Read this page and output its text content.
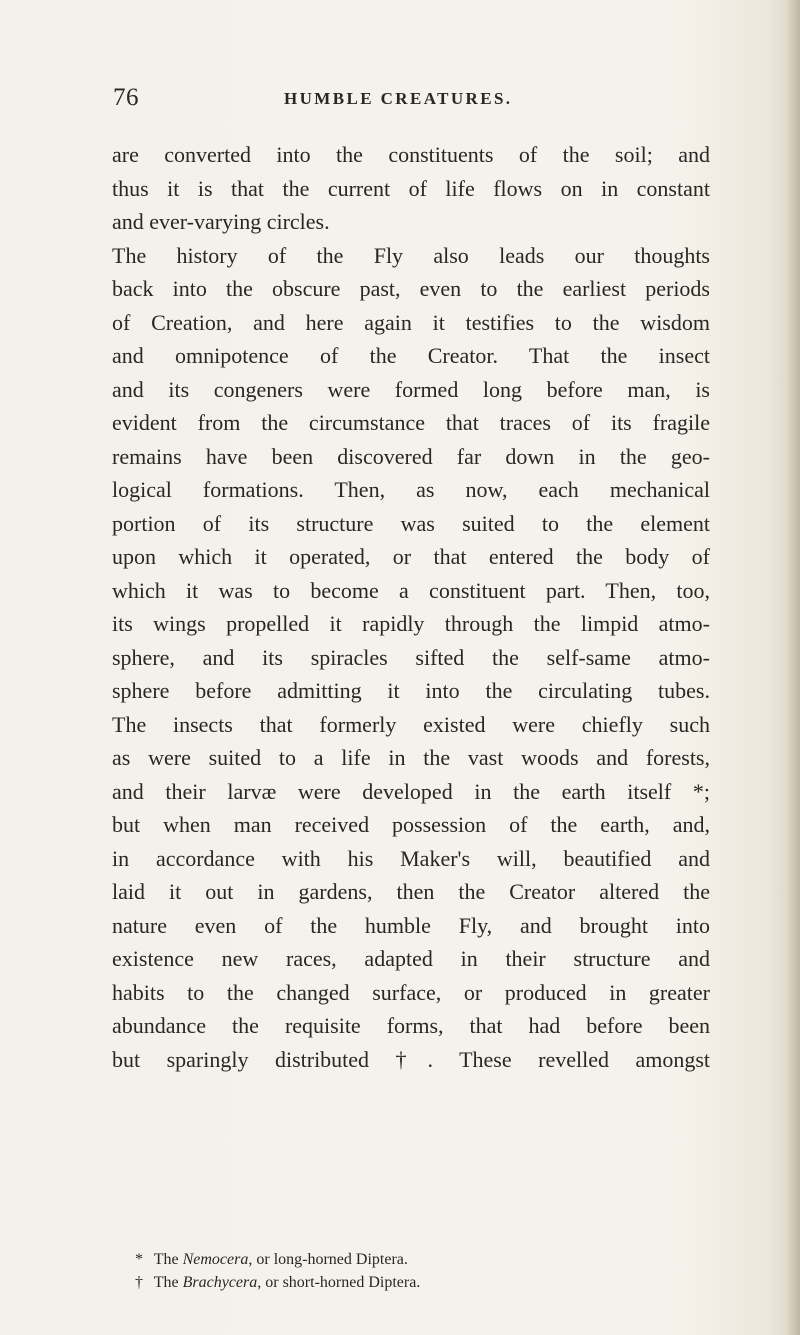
76	HUMBLE CREATURES.
are converted into the constituents of the soil; and
thus it is that the current of life flows on in constant
and ever-varying circles.
The history of the Fly also leads our thoughts
back into the obscure past, even to the earliest periods
of Creation, and here again it testifies to the wisdom
and omnipotence of the Creator. That the insect
and its congeners were formed long before man, is
evident from the circumstance that traces of its fragile
remains have been discovered far down in the geo-
logical formations. Then, as now, each mechanical
portion of its structure was suited to the element
upon which it operated, or that entered the body of
which it was to become a constituent part. Then, too,
its wings propelled it rapidly through the limpid atmo-
sphere, and its spiracles sifted the self-same atmo-
sphere before admitting it into the circulating tubes.
The insects that formerly existed were chiefly such
as were suited to a life in the vast woods and forests,
and their larvæ were developed in the earth itself *;
but when man received possession of the earth, and,
in accordance with his Maker's will, beautified and
laid it out in gardens, then the Creator altered the
nature even of the humble Fly, and brought into
existence new races, adapted in their structure and
habits to the changed surface, or produced in greater
abundance the requisite forms, that had before been
but sparingly distributed †. These revelled amongst
* The Nemocera, or long-horned Diptera.
† The Brachycera, or short-horned Diptera.
